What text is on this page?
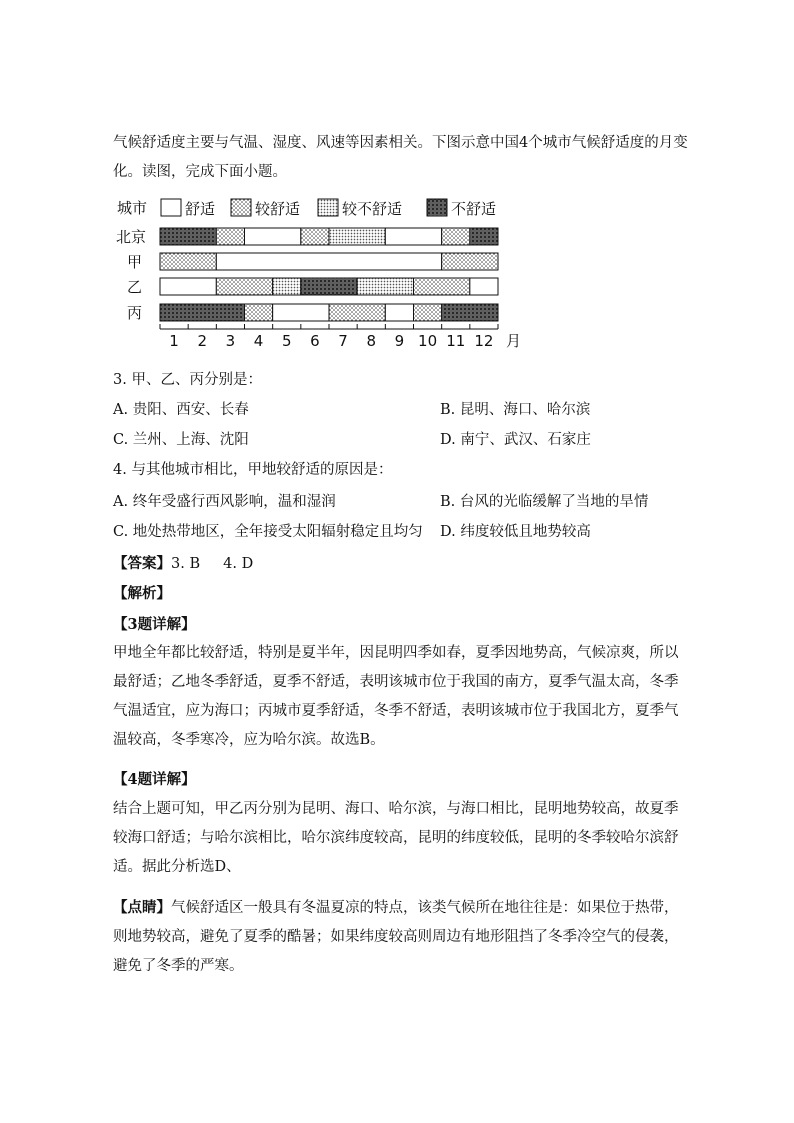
气候舒适度主要与气温、湿度、风速等因素相关。下图示意中国4个城市气候舒适度的月变化。读图，完成下面小题。

城市	舒适	较舒适	较不舒适	不舒适
北京
甲
乙
丙
1 2 3 4 5 6 7 8 9 10 11 12 月
3. 甲、乙、丙分别是：
A. 贵阳、西安、长春	B. 昆明、海口、哈尔滨
C. 兰州、上海、沈阳	D. 南宁、武汉、石家庄
4. 与其他城市相比，甲地较舒适的原因是：
A. 终年受盛行西风影响，温和湿润	B. 台风的光临缓解了当地的旱情
C. 地处热带地区，全年接受太阳辐射稳定且均匀 D. 纬度较低且地势较高
【答案】3. B     4. D
【解析】
【3题详解】

甲地全年都比较舒适，特别是夏半年，因昆明四季如春，夏季因地势高，气候凉爽，所以最舒适；乙地冬季舒适，夏季不舒适，表明该城市位于我国的南方，夏季气温太高，冬季气温适宜，应为海口；丙城市夏季舒适，冬季不舒适，表明该城市位于我国北方，夏季气温较高，冬季寒冷，应为哈尔滨。故选B。

【4题详解】

结合上题可知，甲乙丙分别为昆明、海口、哈尔滨，与海口相比，昆明地势较高，故夏季较海口舒适；与哈尔滨相比，哈尔滨纬度较高，昆明的纬度较低，昆明的冬季较哈尔滨舒适。据此分析选D、

【点睛】气候舒适区一般具有冬温夏凉的特点，该类气候所在地往往是：如果位于热带，则地势较高，避免了夏季的酷暑；如果纬度较高则周边有地形阻挡了冬季冷空气的侵袭，避免了冬季的严寒。
